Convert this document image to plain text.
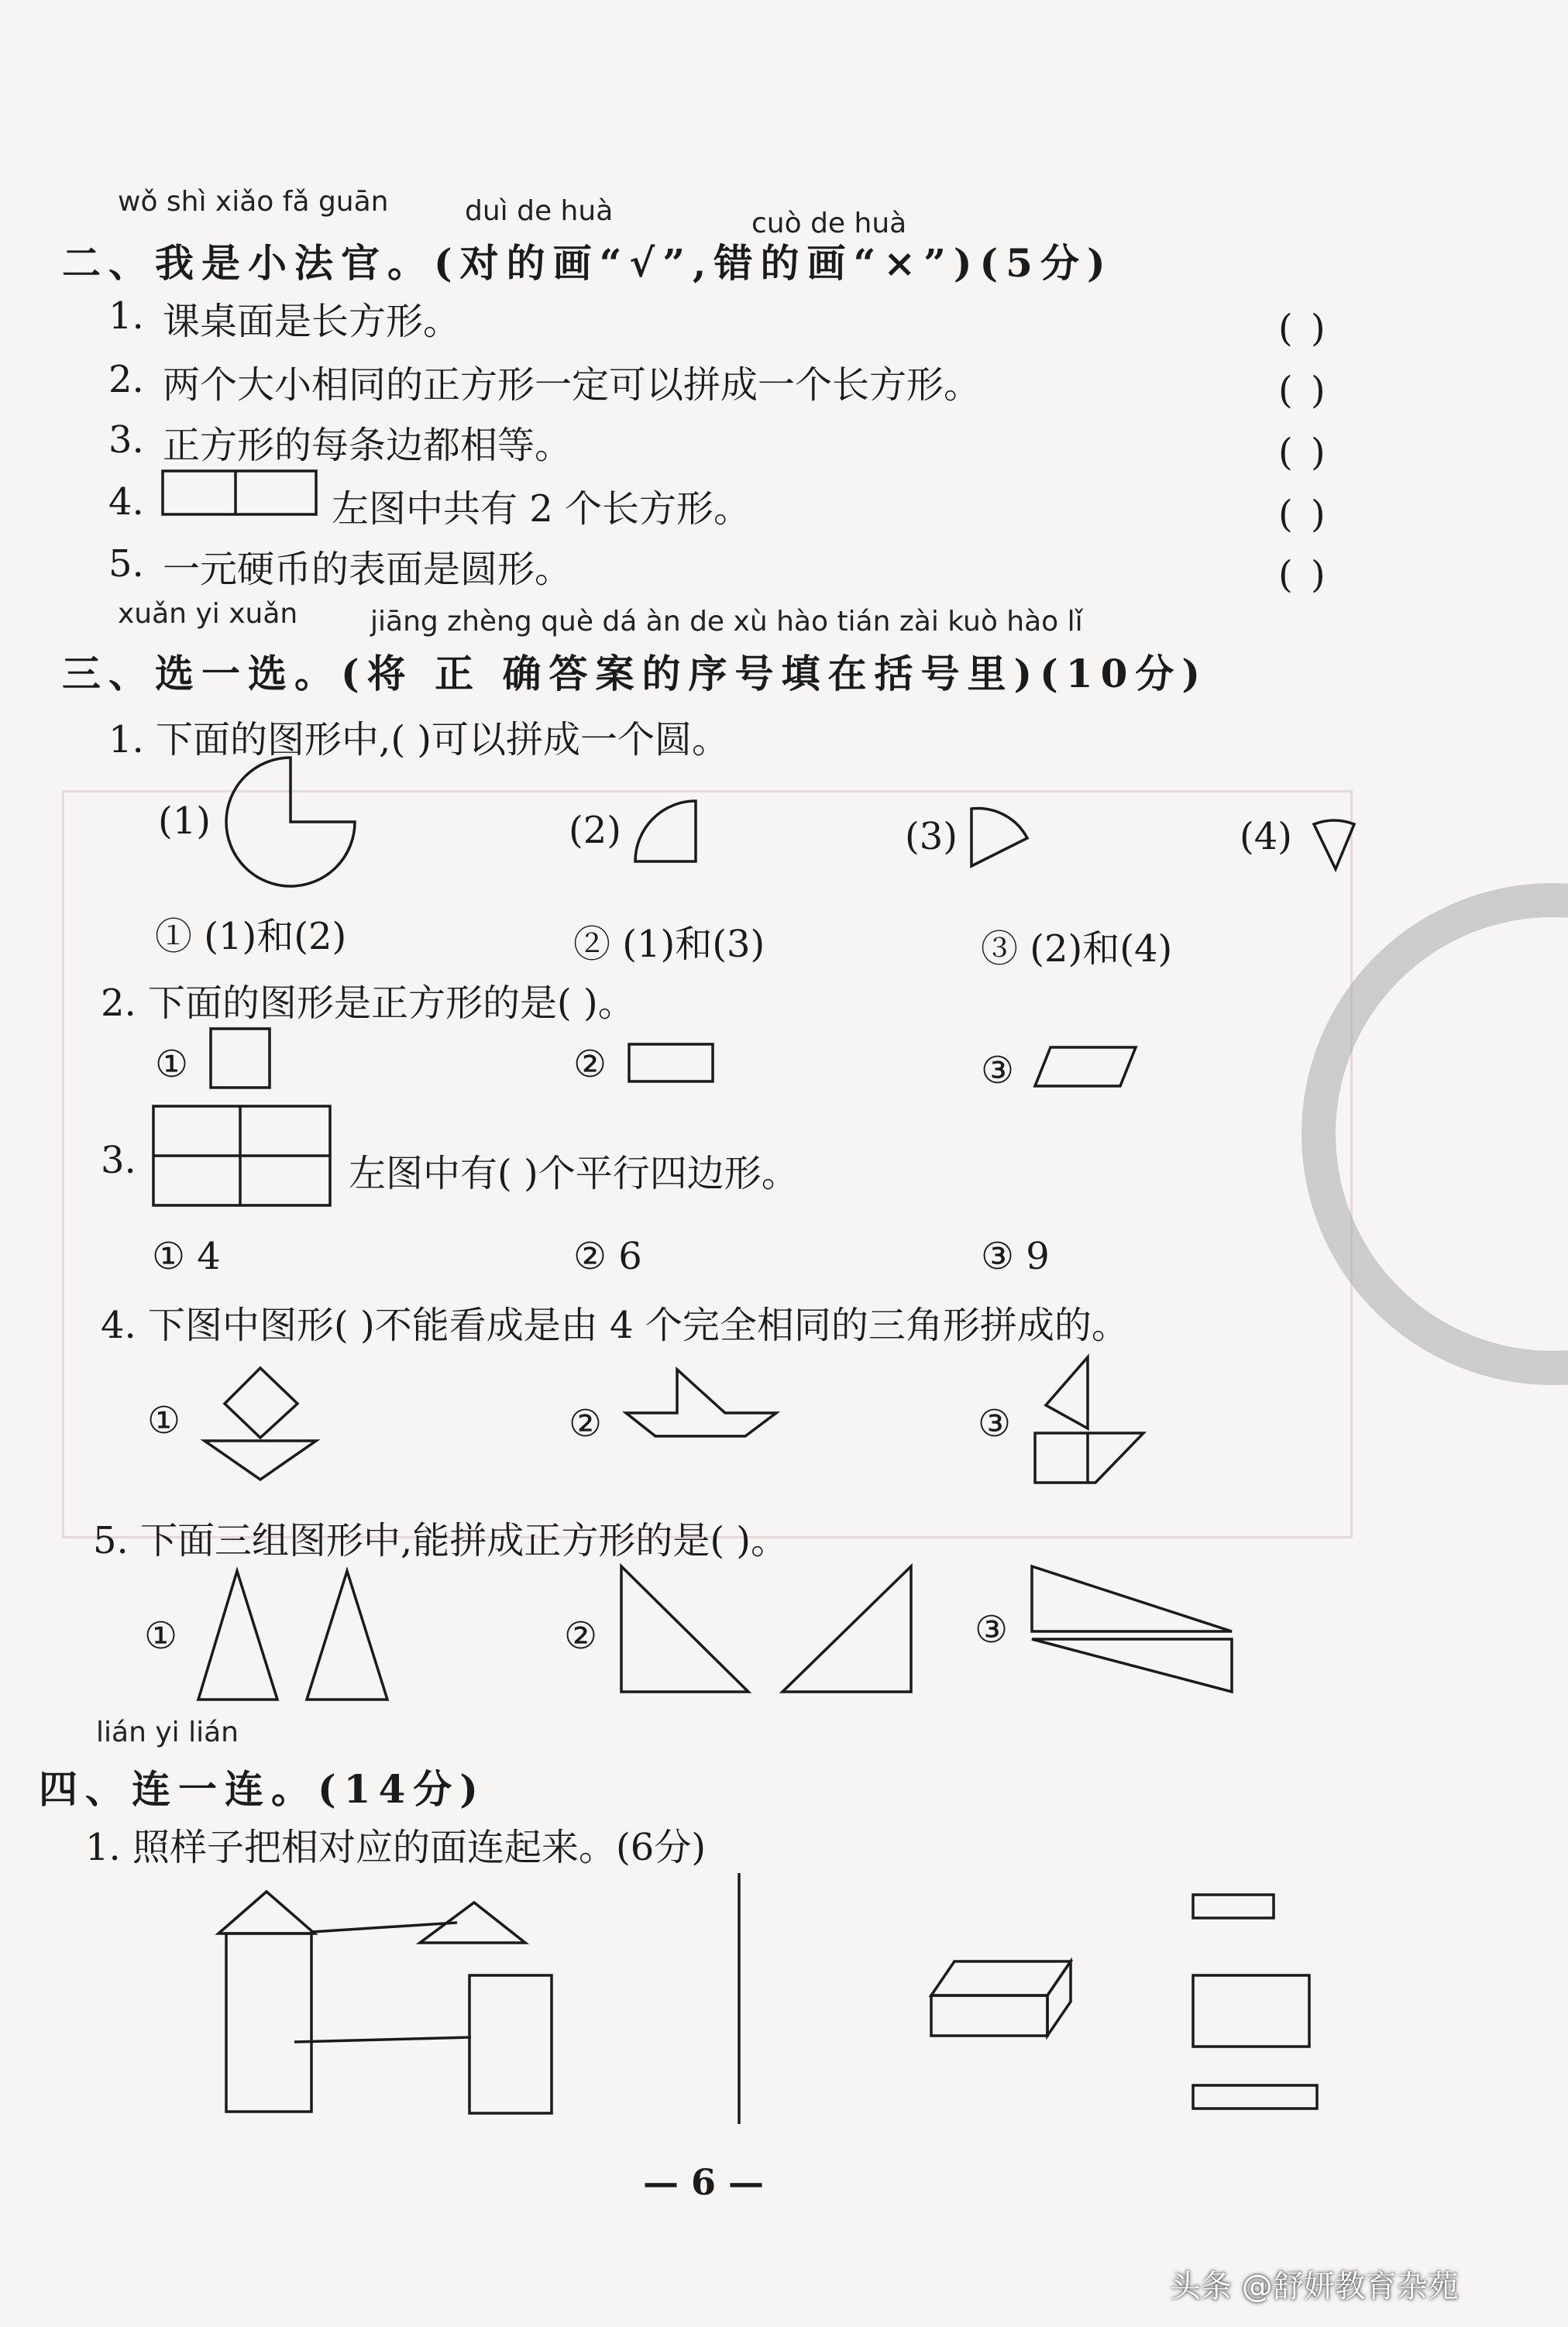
wǒ shì xiǎo fǎ guān	duì de huà	cuò de huà
二、我是小法官。(对的画“√”,错的画“×”)(5分)
1. 课桌面是长方形。	( )
2. 两个大小相同的正方形一定可以拼成一个长方形。	( )
3. 正方形的每条边都相等。	( )
4.	左图中共有 2 个长方形。	( )
5. 一元硬币的表面是圆形。	( )
xuǎn yi xuǎn	jiāng zhèng què dá àn de xù hào tián zài kuò hào lǐ
三、选一选。(将 正 确答案的序号填在括号里)(10分)
1. 下面的图形中,( )可以拼成一个圆。
(1)	(2)	(3)	(4)
① (1)和(2)	② (1)和(3)	③ (2)和(4)
2. 下面的图形是正方形的是( )。
①	②	③
3.	左图中有( )个平行四边形。
① 4	② 6	③ 9
4. 下图中图形( )不能看成是由 4 个完全相同的三角形拼成的。
①	②	③
5. 下面三组图形中,能拼成正方形的是( )。
①	②	③
lián yi lián
四、连一连。(14分)
1. 照样子把相对应的面连起来。(6分)
— 6 —
头条 @舒妍教育杂苑
